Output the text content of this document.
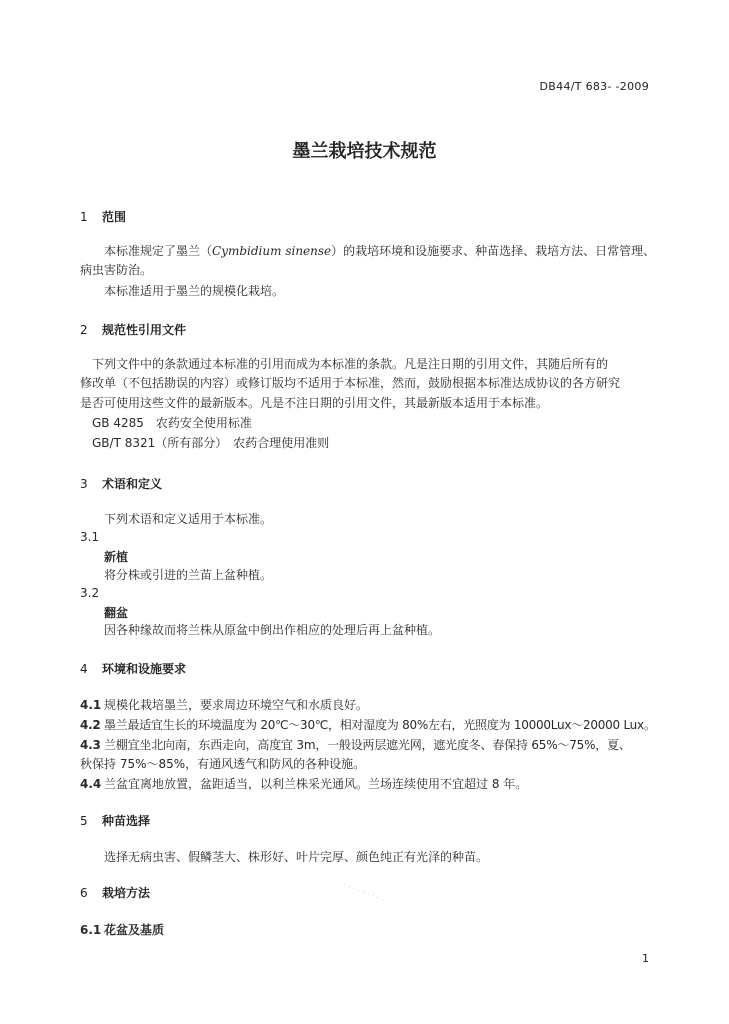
DB44/T 683- -2009
墨兰栽培技术规范
1 范围
本标准规定了墨兰（Cymbidium sinense）的栽培环境和设施要求、种苗选择、栽培方法、日常管理、
病虫害防治。
本标准适用于墨兰的规模化栽培。
2 规范性引用文件
下列文件中的条款通过本标准的引用而成为本标准的条款。凡是注日期的引用文件，其随后所有的
修改单（不包括勘误的内容）或修订版均不适用于本标准，然而，鼓励根据本标准达成协议的各方研究
是否可使用这些文件的最新版本。凡是不注日期的引用文件，其最新版本适用于本标准。
GB 4285　农药安全使用标准
GB/T 8321（所有部分）　农药合理使用准则
3 术语和定义
下列术语和定义适用于本标准。
3.1
新植
将分株或引进的兰苗上盆种植。
3.2
翻盆
因各种缘故而将兰株从原盆中倒出作相应的处理后再上盆种植。
4 环境和设施要求
4.1 规模化栽培墨兰，要求周边环境空气和水质良好。
4.2 墨兰最适宜生长的环境温度为 20℃～30℃，相对湿度为 80%左右，光照度为 10000Lux～20000 Lux。
4.3 兰棚宜坐北向南，东西走向，高度宜 3m，一般设两层遮光网，遮光度冬、春保持 65%～75%，夏、
秋保持 75%～85%，有通风透气和防风的各种设施。
4.4 兰盆宜离地放置，盆距适当，以利兰株采光通风。兰场连续使用不宜超过 8 年。
5 种苗选择
选择无病虫害、假鳞茎大、株形好、叶片完厚、颜色纯正有光泽的种苗。
6 栽培方法
6.1 花盆及基质
· · · · · · · · ·
1
